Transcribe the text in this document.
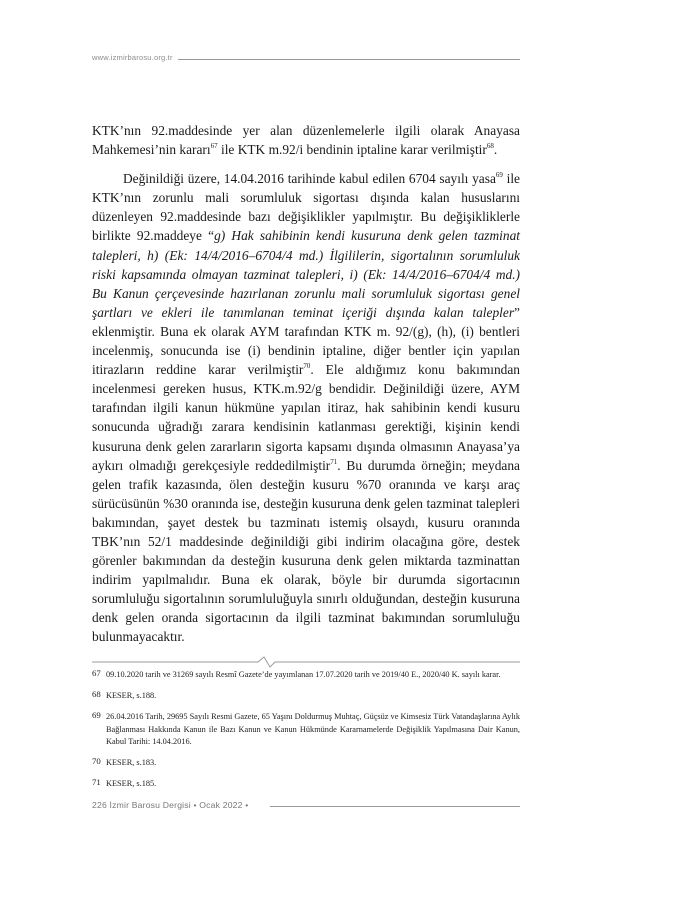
www.izmirbarosu.org.tr

KTK’nın 92.maddesinde yer alan düzenlemelerle ilgili olarak Anayasa Mahkemesi’nin kararı$^{67}$ ile KTK m.92/i bendinin iptaline karar verilmiştir$^{68}$.

Değinildiği üzere, 14.04.2016 tarihinde kabul edilen 6704 sayılı yasa$^{69}$ ile KTK’nın zorunlu mali sorumluluk sigortası dışında kalan hususlarını düzenleyen 92.maddesinde bazı değişiklikler yapılmıştır. Bu değişikliklerle birlikte 92.maddeye “g) Hak sahibinin kendi kusuruna denk gelen tazminat talepleri, h) (Ek: 14/4/2016–6704/4 md.) İlgililerin, sigortalının sorumluluk riski kapsamında olmayan tazminat talepleri, i) (Ek: 14/4/2016–6704/4 md.) Bu Kanun çerçevesinde hazırlanan zorunlu mali sorumluluk sigortası genel şartları ve ekleri ile tanımlanan teminat içeriği dışında kalan talepler” eklenmiştir. Buna ek olarak AYM tarafından KTK m. 92/(g), (h), (i) bentleri incelenmiş, sonucunda ise (i) bendinin iptaline, diğer bentler için yapılan itirazların reddine karar verilmiştir$^{70}$. Ele aldığımız konu bakımından incelenmesi gereken husus, KTK.m.92/g bendidir. Değinildiği üzere, AYM tarafından ilgili kanun hükmüne yapılan itiraz, hak sahibinin kendi kusuru sonucunda uğradığı zarara kendisinin katlanması gerektiği, kişinin kendi kusuruna denk gelen zararların sigorta kapsamı dışında olmasının Anayasa’ya aykırı olmadığı gerekçesiyle reddedilmiştir$^{71}$. Bu durumda örneğin; meydana gelen trafik kazasında, ölen desteğin kusuru %70 oranında ve karşı araç sürücüsünün %30 oranında ise, desteğin kusuruna denk gelen tazminat talepleri bakımından, şayet destek bu tazminatı istemiş olsaydı, kusuru oranında TBK’nın 52/1 maddesinde değinildiği gibi indirim olacağına göre, destek görenler bakımından da desteğin kusuruna denk gelen miktarda tazminattan indirim yapılmalıdır. Buna ek olarak, böyle bir durumda sigortacının sorumluluğu sigortalının sorumluluğuyla sınırlı olduğundan, desteğin kusuruna denk gelen oranda sigortacının da ilgili tazminat bakımından sorumluluğu bulunmayacaktır.

67 09.10.2020 tarih ve 31269 sayılı Resmî Gazete’de yayımlanan 17.07.2020 tarih ve 2019/40 E., 2020/40 K. sayılı karar.
68 KESER, s.188.
69 26.04.2016 Tarih, 29695 Sayılı Resmi Gazete, 65 Yaşını Doldurmuş Muhtaç, Güçsüz ve Kimsesiz Türk Vatandaşlarına Aylık Bağlanması Hakkında Kanun ile Bazı Kanun ve Kanun Hükmünde Kararnamelerde Değişiklik Yapılmasına Dair Kanun, Kabul Tarihi: 14.04.2016.
70 KESER, s.183.
71 KESER, s.185.
226 İzmir Barosu Dergisi • Ocak 2022 •
